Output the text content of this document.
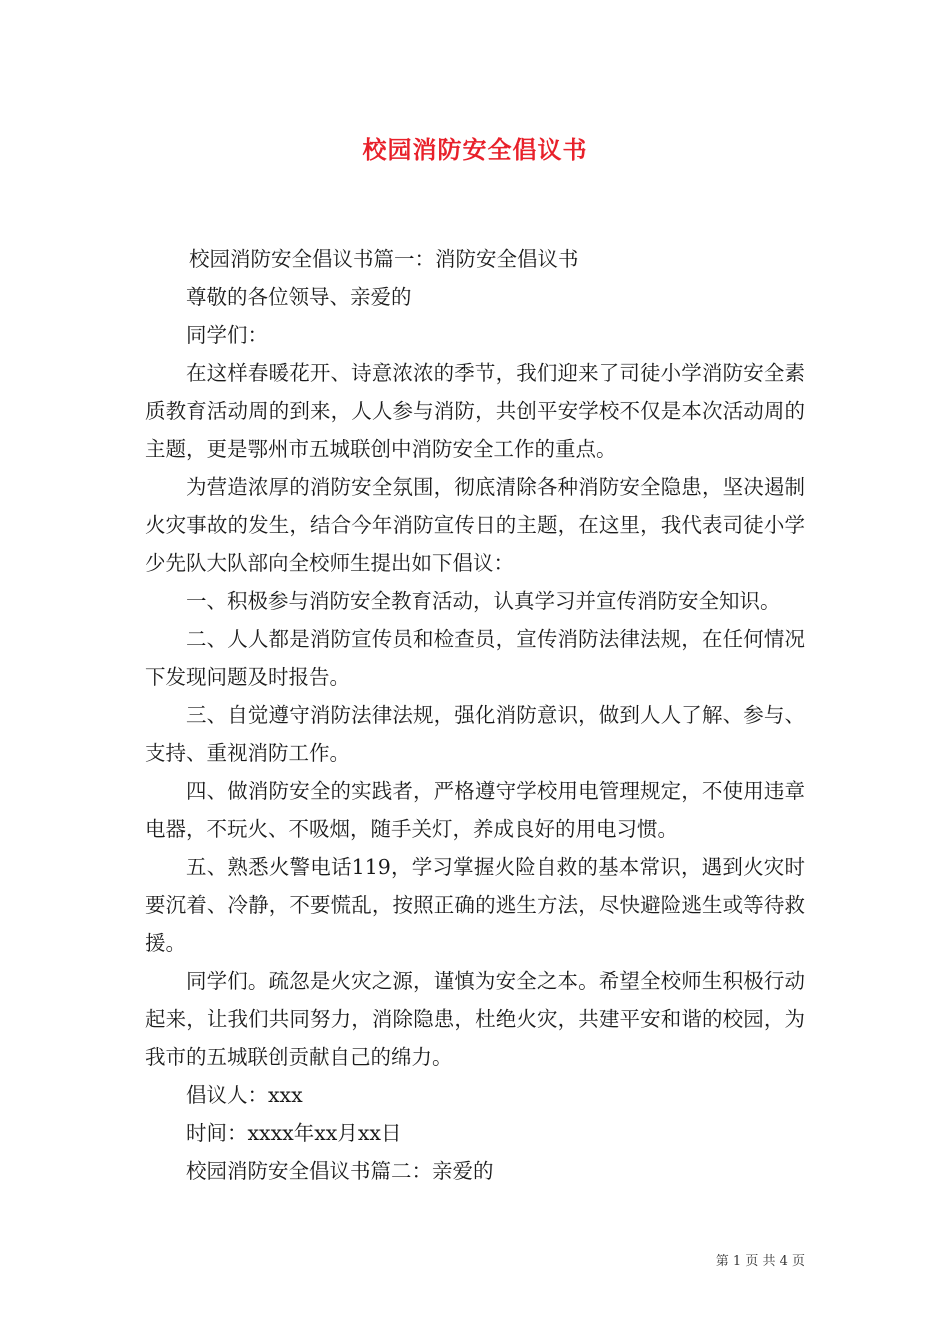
校园消防安全倡议书

校园消防安全倡议书篇一：消防安全倡议书

尊敬的各位领导、亲爱的

同学们：

在这样春暖花开、诗意浓浓的季节，我们迎来了司徒小学消防安全素质教育活动周的到来，人人参与消防，共创平安学校不仅是本次活动周的主题，更是鄂州市五城联创中消防安全工作的重点。

为营造浓厚的消防安全氛围，彻底清除各种消防安全隐患，坚决遏制火灾事故的发生，结合今年消防宣传日的主题，在这里，我代表司徒小学少先队大队部向全校师生提出如下倡议：

一、积极参与消防安全教育活动，认真学习并宣传消防安全知识。

二、人人都是消防宣传员和检查员，宣传消防法律法规，在任何情况下发现问题及时报告。

三、自觉遵守消防法律法规，强化消防意识，做到人人了解、参与、支持、重视消防工作。

四、做消防安全的实践者，严格遵守学校用电管理规定，不使用违章电器，不玩火、不吸烟，随手关灯，养成良好的用电习惯。

五、熟悉火警电话119，学习掌握火险自救的基本常识，遇到火灾时要沉着、冷静，不要慌乱，按照正确的逃生方法，尽快避险逃生或等待救援。

同学们。疏忽是火灾之源，谨慎为安全之本。希望全校师生积极行动起来，让我们共同努力，消除隐患，杜绝火灾，共建平安和谐的校园，为我市的五城联创贡献自己的绵力。

倡议人：xxx

时间：xxxx年xx月xx日

校园消防安全倡议书篇二：亲爱的

第 1 页 共 4 页
